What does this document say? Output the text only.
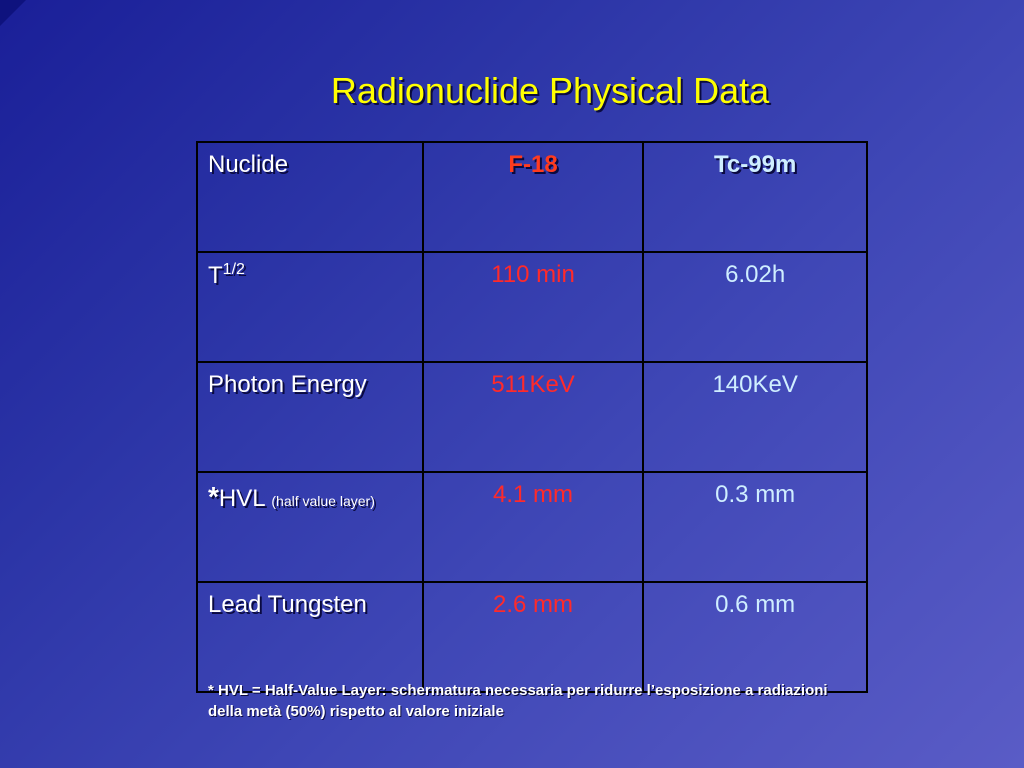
Radionuclide Physical Data
Nuclide	F-18	Tc-99m
$T^{1/2}$	110 min	6.02h
Photon Energy	511KeV	140KeV
*HVL (half value layer)	4.1 mm	0.3 mm
Lead Tungsten	2.6 mm	0.6 mm
* HVL = Half-Value Layer: schermatura necessaria per ridurre l’esposizione a radiazioni della metà (50%) rispetto al valore iniziale
